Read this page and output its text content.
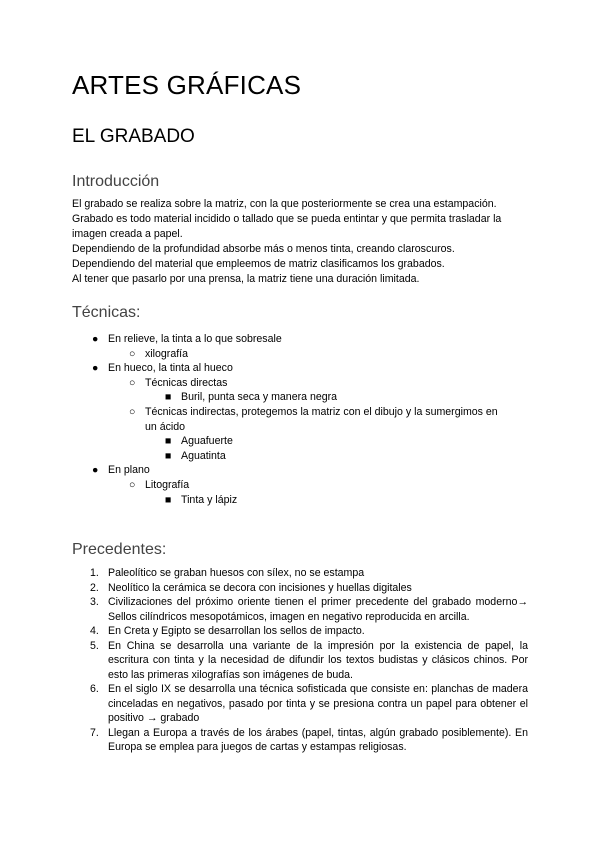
ARTES GRÁFICAS
EL GRABADO
Introducción

El grabado se realiza sobre la matriz, con la que posteriormente se crea una estampación.

Grabado es todo material incidido o tallado que se pueda entintar y que permita trasladar la imagen creada a papel.

Dependiendo de la profundidad absorbe más o menos tinta, creando claroscuros.

Dependiendo del material que empleemos de matriz clasificamos los grabados.

Al tener que pasarlo por una prensa, la matriz tiene una duración limitada.

Técnicas:
● En relieve, la tinta a lo que sobresale
○ xilografía
● En hueco, la tinta al hueco
○ Técnicas directas
■ Buril, punta seca y manera negra
○ Técnicas indirectas, protegemos la matriz con el dibujo y la sumergimos en un ácido
■ Aguafuerte
■ Aguatinta
● En plano
○ Litografía
■ Tinta y lápiz
Precedentes:
1. Paleolítico se graban huesos con sílex, no se estampa
2. Neolítico la cerámica se decora con incisiones y huellas digitales
3. Civilizaciones del próximo oriente tienen el primer precedente del grabado moderno→ Sellos cilíndricos mesopotámicos, imagen en negativo reproducida en arcilla.
4. En Creta y Egipto se desarrollan los sellos de impacto.
5. En China se desarrolla una variante de la impresión por la existencia de papel, la escritura con tinta y la necesidad de difundir los textos budistas y clásicos chinos. Por esto las primeras xilografías son imágenes de buda.
6. En el siglo IX se desarrolla una técnica sofisticada que consiste en: planchas de madera cinceladas en negativos, pasado por tinta y se presiona contra un papel para obtener el positivo → grabado
7. Llegan a Europa a través de los árabes (papel, tintas, algún grabado posiblemente). En Europa se emplea para juegos de cartas y estampas religiosas.
